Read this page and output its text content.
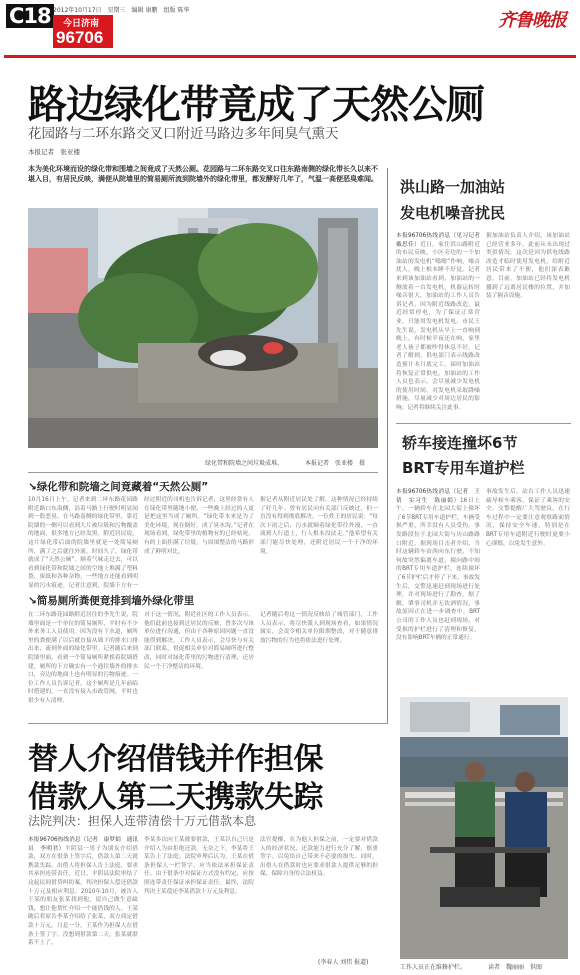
C18 2012年10月17日　星期三　编辑 康鹏　组版 陈华
今日济南
96706
齐鲁晚报
路边绿化带竟成了天然公厕
花园路与二环东路交叉口附近马路边多年间臭气熏天
本报记者　张亚楼
本为美化环境而设的绿化带和围墙之间竟成了天然公厕。花园路与二环东路交叉口往东路南侧的绿化带长久以来不堪入目，有居民反映，满便从院墙里的简易厕所流到院墙外的绿化带里，都发酵好几年了，气温一高便恶臭难闻。
绿化带和院墙之间垃圾成堆。	本报记者　张亚楼　摄
↘绿化带和院墙之间竟藏着“天然公厕”
10月16日上午，记者来到二环东路花园路附近路口东南侧，沿着马路上行驶时明显闻到一股恶臭。在马路南侧的绿化带里，靠近院墙的一侧可以看到大片被垃圾和污物覆盖的地面，很多地方已经发黑。附近居民说，这片绿化带后面的院墙里就是一处简易厕所，满了之后就往外流，时间久了，绿化带就成了“天然公厕”。顺着气味走过去，可以看到绿化带和院墙之间的空地上堆满了塑料袋、废纸和各种杂物，一些地方还能看到明显的污水痕迹。记者注意到，院墙下方有一
经过附近的司机也告诉记者，这里经常有人在绿化带里随地小便，一些晚上经过的人更是把这里当成了厕所。“绿化带本来是为了美化环境，现在倒好，成了臭水沟。”记者在现场看到，绿化带里的植物有的已经枯死，有的上面挂满了垃圾，与周围整洁的马路形成了鲜明对比。
据记者从附近居民处了解，这种情况已经持续了好几年。曾有居民向有关部门反映过，但一直没有得到彻底解决。一位姓王的居民说：“每次下雨之后，污水就顺着绿化带往外漫，一直流到人行道上，行人根本没法走。”他希望有关部门能尽快处理，还附近居民一个干净的环境。
↘简易厕所粪便竟排到墙外绿化带里
在二环东路花园路附近居住的李先生说，院墙里面是一个单位的简易厕所，平时有不少外来务工人员使用。因为没有下水道，厕所里的粪便满了以后就直接从墙下的排水口排出来，流到外面的绿化带里。记者随后来到院墙里面，看到一个简易厕所紧挨着院墙搭建，厕所的下方确实有一个通往墙外的排水口，旁边的地面上也有明显的污物痕迹。一位工作人员告诉记者，这个厕所是几年前临时搭建的，一直没有接入市政管网，平时也很少有人清理。
对于这一情况，附近社区的工作人员表示，他们此前也接到过居民的反映，曾多次与该单位进行沟通，但由于各种原因问题一直没能得到解决。工作人员表示，会尽快与有关部门联系，督促相关单位对简易厕所进行整改，同时对绿化带里的污物进行清理，还居民一个干净整洁的环境。
记者随后将这一情况反映给了城管部门，工作人员表示，将尽快派人到现场查看，如果情况属实，会责令相关单位限期整改，对于随意排放污物的行为也将依法进行处理。
洪山路一加油站
发电机噪音扰民
本报96706热线消息（见习记者　戴思佳）近日，家住洪山路附近的市民反映，小区旁边的一个加油站的发电机“嗡嗡”作响，噪音扰人，晚上根本睡不好觉。记者来到该加油站看到，加油站的一侧放着一台发电机，机器运转时噪音很大。加油站的工作人员告诉记者，因为附近线路改造，最近经常停电，为了保证正常营业，只能用发电机发电。市民王先生说，发电机从早上一直响到晚上，有时候半夜还在响，家里老人孩子都被吵得休息不好。记者了解到，供电部门表示线路改造预计本月底完工，届时加油站将恢复正常供电。加油站的工作人员也表示，会尽量减少发电机的使用时间，对发电机采取降噪措施，尽量减少对周边居民的影响。记者将继续关注此事。
据加油站负责人介绍，该加油站已经营业多年，此前从未出现过类似情况。这次是因为供电线路改造才临时使用发电机，给附近居民带来了不便，他们深表歉意。目前，加油站已经将发电机挪到了远离居民楼的位置，并加装了隔音设施。
轿车接连撞坏6节
BRT专用车道护栏
本报96706热线消息（记者　王倩　实习生　陈丽娟）16日上午，一辆轿车在北园大街上撞坏了6节BRT专用车道护栏，车辆受损严重，所幸没有人员受伤。事发路段位于北园大街与历山路路口附近，据现场目击者介绍，当时这辆轿车由西向东行驶，不知何故突然偏离车道，撞向路中间的BRT专用车道护栏，连续撞坏了6节护栏后才停了下来。事故发生后，交警迅速赶到现场进行处理，并对现场进行了勘查。据了解，肇事司机并无饮酒情况，事故原因正在进一步调查中。BRT公司的工作人员也赶到现场，对受损的护栏进行了清理和修复，没有影响BRT车辆的正常通行。
事故发生后，站台工作人员迅速疏导候车乘客，保证了乘客的安全。交警提醒广大驾驶员，在行车过程中一定要注意观察路面情况，保持安全车速，特别是在BRT专用车道附近行驶时更要小心谨慎，以免发生意外。
工作人员正在维修护栏。	读者　魏丽丽　供图
替人介绍借钱并作担保
借款人第二天携款失踪
法院判决：担保人连带清偿十万元借款本息
本报96706热线消息（记者　康梦娟　通讯员　李明君）平阴县一男子为朋友介绍借款，双方在借条上签字后，借款人第二天就携款失踪。出借人将担保人告上法庭，要求其承担连带责任。近日，平阴县法院审结了这起民间借贷纠纷案，判决担保人偿还借款十万元及相应利息。2010年10月，被告人王某的朋友张某找到他，说自己做生意缺钱，想让他帮忙介绍一个能借钱的人。王某随后将原告李某介绍给了张某，双方商定借款十万元，月息一分，王某作为担保人在借条上签了字。没想到借款第二天，张某就联系不上了。
李某多次向王某催要借款，王某以自己只是介绍人为由拒绝还款。无奈之下，李某将王某告上了法庭。法院审理后认为，王某在借条担保人一栏签字，应当依法承担保证责任。由于借条中对保证方式没有约定，应按照连带责任保证承担保证责任。最终，法院判决王某偿还李某借款十万元及利息。
法官提醒，在为他人担保之前，一定要对借款人的经济状况、还款能力进行充分了解，慎重签字，以免给自己带来不必要的损失。同时，出借人在借款时也应要求借款人提供足够的担保，保障自身的合法权益。
(李春人 刘伟 报道)
